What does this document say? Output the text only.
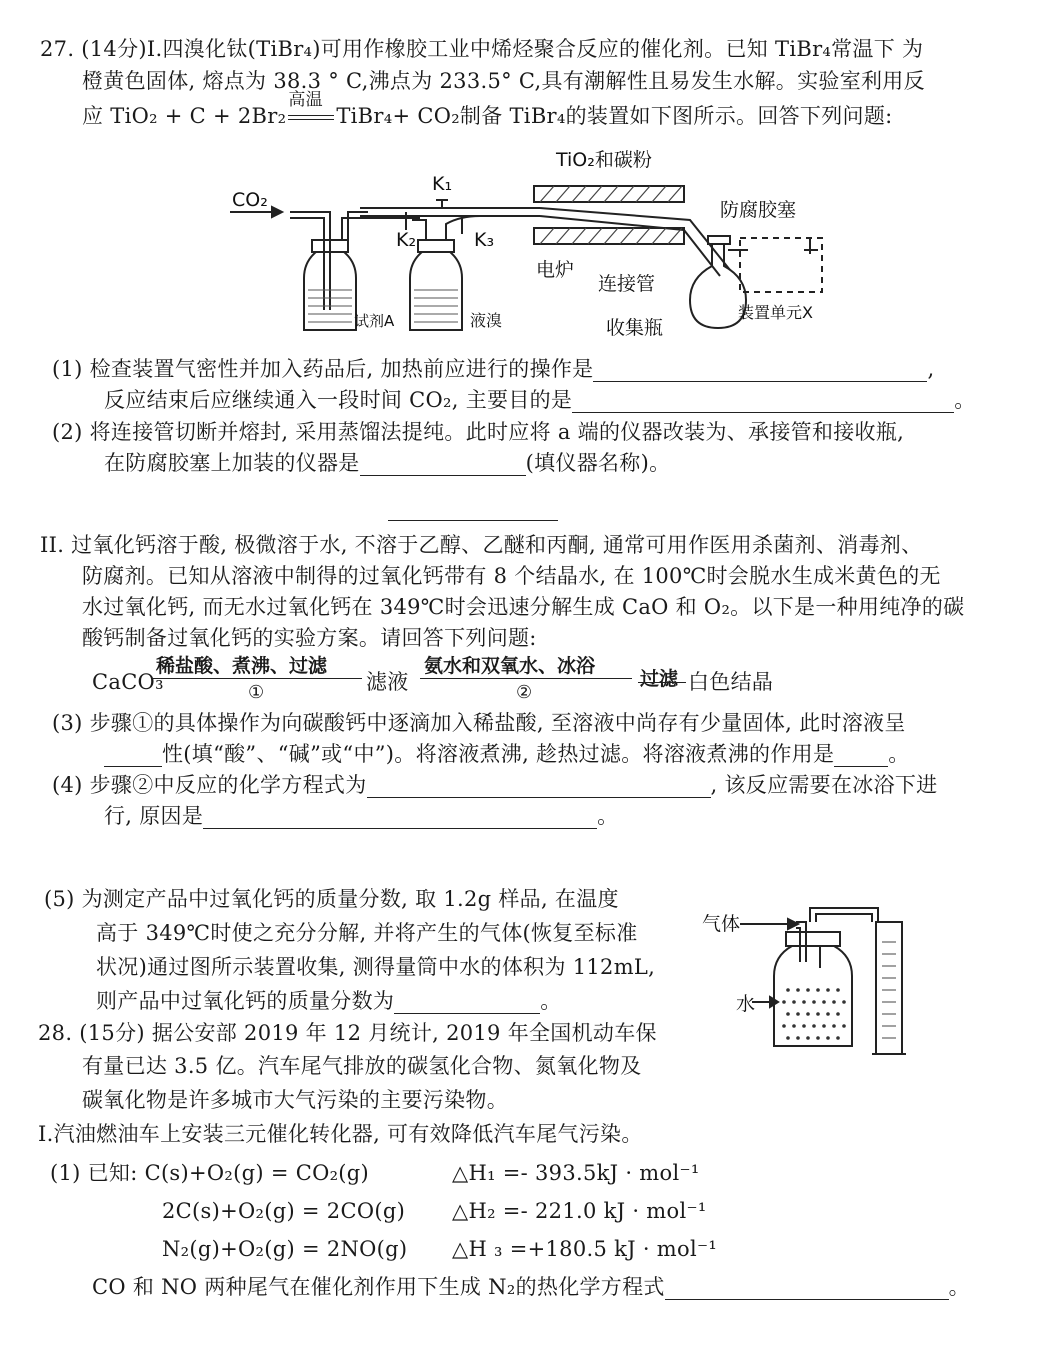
27. (14分)I.四溴化钛(TiBr₄)可用作橡胶工业中烯烃聚合反应的催化剂。已知 TiBr₄常温下 为
橙黄色固体, 熔点为 38.3 ° C,沸点为 233.5° C,具有潮解性且易发生水解。实验室利用反
应 TiO₂ + C + 2Br₂
高温
TiBr₄+ CO₂制备 TiBr₄的装置如下图所示。回答下列问题:
CO₂
K₁
K₂	K₃
TiO₂和碳粉
电炉
防腐胶塞
连接管
收集瓶
装置单元X
试剂A	液溴
(1) 检查装置气密性并加入药品后, 加热前应进行的操作是	,
反应结束后应继续通入一段时间 CO₂, 主要目的是	。
(2) 将连接管切断并熔封, 采用蒸馏法提纯。此时应将 a 端的仪器改装为、承接管和接收瓶,
在防腐胶塞上加装的仪器是	(填仪器名称)。
II. 过氧化钙溶于酸, 极微溶于水, 不溶于乙醇、乙醚和丙酮, 通常可用作医用杀菌剂、消毒剂、
防腐剂。已知从溶液中制得的过氧化钙带有 8 个结晶水, 在 100℃时会脱水生成米黄色的无
水过氧化钙, 而无水过氧化钙在 349℃时会迅速分解生成 CaO 和 O₂。以下是一种用纯净的碳
酸钙制备过氧化钙的实验方案。请回答下列问题:
CaCO₃
稀盐酸、煮沸、过滤
①	滤液
氨水和双氧水、冰浴
②
过滤 白色结晶
(3) 步骤①的具体操作为向碳酸钙中逐滴加入稀盐酸, 至溶液中尚存有少量固体, 此时溶液呈
性(填“酸”、“碱”或“中”)。将溶液煮沸, 趁热过滤。将溶液煮沸的作用是	。
(4) 步骤②中反应的化学方程式为	, 该反应需要在冰浴下进
行, 原因是	。
(5) 为测定产品中过氧化钙的质量分数, 取 1.2g 样品, 在温度
高于 349℃时使之充分分解, 并将产生的气体(恢复至标准
状况)通过图所示装置收集, 测得量筒中水的体积为 112mL,
则产品中过氧化钙的质量分数为	。
气体
水
28. (15分) 据公安部 2019 年 12 月统计, 2019 年全国机动车保
有量已达 3.5 亿。汽车尾气排放的碳氢化合物、氮氧化物及
碳氧化物是许多城市大气污染的主要污染物。
I.汽油燃油车上安装三元催化转化器, 可有效降低汽车尾气污染。
(1) 已知: C(s)+O₂(g) = CO₂(g)	△H₁ =- 393.5kJ · mol⁻¹
2C(s)+O₂(g) = 2CO(g) △H₂ =- 221.0 kJ · mol⁻¹
N₂(g)+O₂(g) = 2NO(g) △H ₃ =+180.5 kJ · mol⁻¹
CO 和 NO 两种尾气在催化剂作用下生成 N₂的热化学方程式	。
